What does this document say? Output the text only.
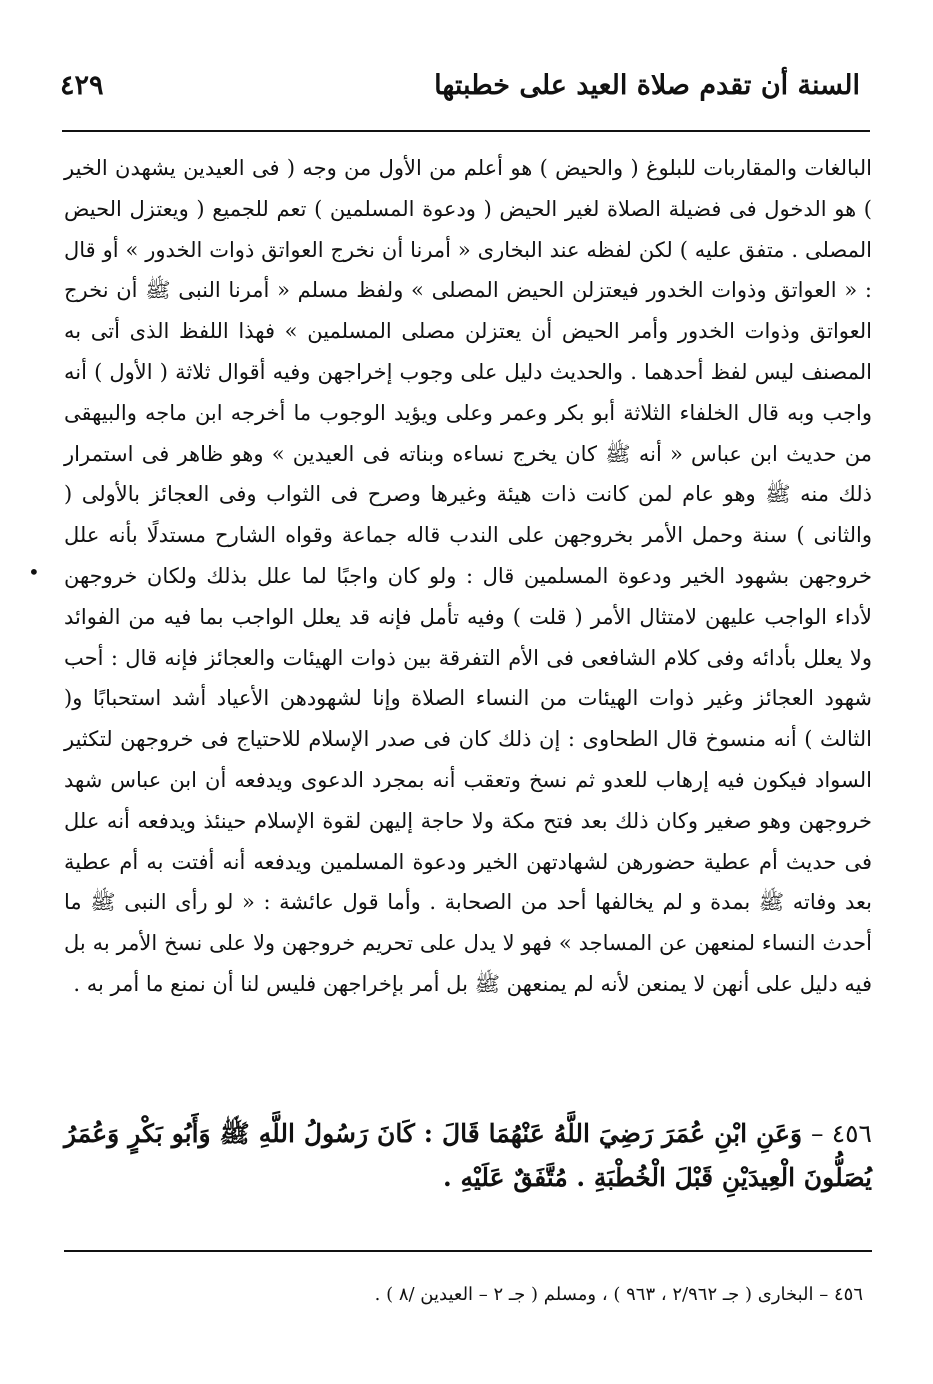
السنة أن تقدم صلاة العيد على خطبتها
٤٢٩
البالغات والمقاربات للبلوغ ( والحيض ) هو أعلم من الأول من وجه ( فى العيدين يشهدن الخير ) هو الدخول فى فضيلة الصلاة لغير الحيض ( ودعوة المسلمين ) تعم للجميع ( ويعتزل الحيض المصلى . متفق عليه ) لكن لفظه عند البخارى « أمرنا أن نخرج العواتق ذوات الخدور » أو قال : « العواتق وذوات الخدور فيعتزلن الحيض المصلى » ولفظ مسلم « أمرنا النبى ﷺ أن نخرج العواتق وذوات الخدور وأمر الحيض أن يعتزلن مصلى المسلمين » فهذا اللفظ الذى أتى به المصنف ليس لفظ أحدهما . والحديث دليل على وجوب إخراجهن وفيه أقوال ثلاثة ( الأول ) أنه واجب وبه قال الخلفاء الثلاثة أبو بكر وعمر وعلى ويؤيد الوجوب ما أخرجه ابن ماجه والبيهقى من حديث ابن عباس « أنه ﷺ كان يخرج نساءه وبناته فى العيدين » وهو ظاهر فى استمرار ذلك منه ﷺ وهو عام لمن كانت ذات هيئة وغيرها وصرح فى الثواب وفى العجائز بالأولى ( والثانى ) سنة وحمل الأمر بخروجهن على الندب قاله جماعة وقواه الشارح مستدلًا بأنه علل خروجهن بشهود الخير ودعوة المسلمين قال : ولو كان واجبًا لما علل بذلك ولكان خروجهن لأداء الواجب عليهن لامتثال الأمر ( قلت ) وفيه تأمل فإنه قد يعلل الواجب بما فيه من الفوائد ولا يعلل بأدائه وفى كلام الشافعى فى الأم التفرقة بين ذوات الهيئات والعجائز فإنه قال : أحب شهود العجائز وغير ذوات الهيئات من النساء الصلاة وإنا لشهودهن الأعياد أشد استحبابًا و( الثالث ) أنه منسوخ قال الطحاوى : إن ذلك كان فى صدر الإسلام للاحتياج فى خروجهن لتكثير السواد فيكون فيه إرهاب للعدو ثم نسخ وتعقب أنه بمجرد الدعوى ويدفعه أن ابن عباس شهد خروجهن وهو صغير وكان ذلك بعد فتح مكة ولا حاجة إليهن لقوة الإسلام حينئذ ويدفعه أنه علل فى حديث أم عطية حضورهن لشهادتهن الخير ودعوة المسلمين ويدفعه أنه أفتت به أم عطية بعد وفاته ﷺ بمدة و لم يخالفها أحد من الصحابة . وأما قول عائشة : « لو رأى النبى ﷺ ما أحدث النساء لمنعهن عن المساجد » فهو لا يدل على تحريم خروجهن ولا على نسخ الأمر به بل فيه دليل على أنهن لا يمنعن لأنه لم يمنعهن ﷺ بل أمر بإخراجهن فليس لنا أن نمنع ما أمر به .
•
٤٥٦ – وَعَنِ ابْنِ عُمَرَ رَضِيَ اللَّهُ عَنْهُمَا قَالَ : كَانَ رَسُولُ اللَّهِ ﷺ وَأَبُو بَكْرٍ وَعُمَرُ يُصَلُّونَ الْعِيدَيْنِ قَبْلَ الْخُطْبَةِ . مُتَّفَقٌ عَلَيْهِ .
٤٥٦ – البخارى ( جـ ٢/٩٦٢ ، ٩٦٣ ) ، ومسلم ( جـ ٢ – العيدين /٨ ) .
